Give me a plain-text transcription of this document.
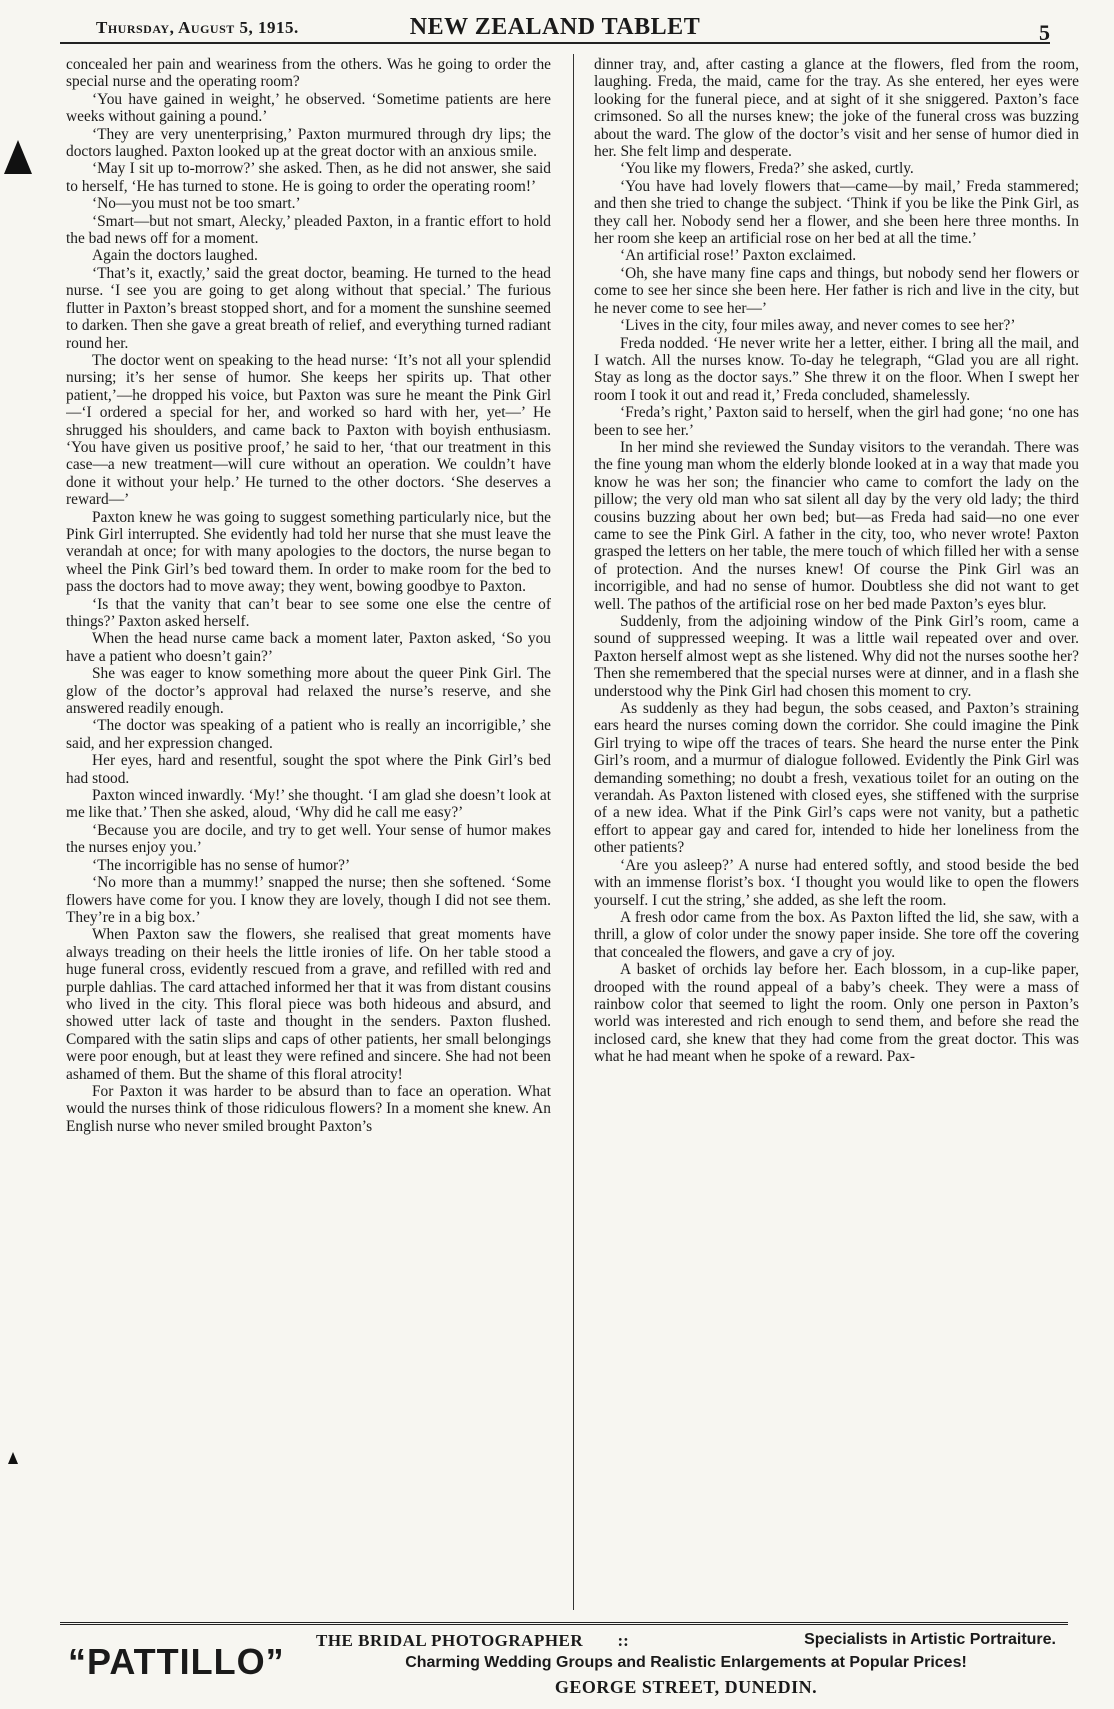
Thursday, August 5, 1915.	NEW ZEALAND TABLET	5

concealed her pain and weariness from the others. Was he going to order the special nurse and the operating room?

‘You have gained in weight,’ he observed. ‘Sometime patients are here weeks without gaining a pound.’

‘They are very unenterprising,’ Paxton murmured through dry lips; the doctors laughed. Paxton looked up at the great doctor with an anxious smile.

‘May I sit up to-morrow?’ she asked. Then, as he did not answer, she said to herself, ‘He has turned to stone. He is going to order the operating room!’

‘No—you must not be too smart.’

‘Smart—but not smart, Alecky,’ pleaded Paxton, in a frantic effort to hold the bad news off for a moment.

Again the doctors laughed.

‘That’s it, exactly,’ said the great doctor, beaming. He turned to the head nurse. ‘I see you are going to get along without that special.’ The furious flutter in Paxton’s breast stopped short, and for a moment the sunshine seemed to darken. Then she gave a great breath of relief, and everything turned radiant round her.

The doctor went on speaking to the head nurse: ‘It’s not all your splendid nursing; it’s her sense of humor. She keeps her spirits up. That other patient,’—he dropped his voice, but Paxton was sure he meant the Pink Girl—‘I ordered a special for her, and worked so hard with her, yet—’ He shrugged his shoulders, and came back to Paxton with boyish enthusiasm. ‘You have given us positive proof,’ he said to her, ‘that our treatment in this case—a new treatment—will cure without an operation. We couldn’t have done it without your help.’ He turned to the other doctors. ‘She deserves a reward—’

Paxton knew he was going to suggest something particularly nice, but the Pink Girl interrupted. She evidently had told her nurse that she must leave the verandah at once; for with many apologies to the doctors, the nurse began to wheel the Pink Girl’s bed toward them. In order to make room for the bed to pass the doctors had to move away; they went, bowing goodbye to Paxton.

‘Is that the vanity that can’t bear to see some one else the centre of things?’ Paxton asked herself.

When the head nurse came back a moment later, Paxton asked, ‘So you have a patient who doesn’t gain?’

She was eager to know something more about the queer Pink Girl. The glow of the doctor’s approval had relaxed the nurse’s reserve, and she answered readily enough.

‘The doctor was speaking of a patient who is really an incorrigible,’ she said, and her expression changed.

Her eyes, hard and resentful, sought the spot where the Pink Girl’s bed had stood.

Paxton winced inwardly. ‘My!’ she thought. ‘I am glad she doesn’t look at me like that.’ Then she asked, aloud, ‘Why did he call me easy?’

‘Because you are docile, and try to get well. Your sense of humor makes the nurses enjoy you.’

‘The incorrigible has no sense of humor?’

‘No more than a mummy!’ snapped the nurse; then she softened. ‘Some flowers have come for you. I know they are lovely, though I did not see them. They’re in a big box.’

When Paxton saw the flowers, she realised that great moments have always treading on their heels the little ironies of life. On her table stood a huge funeral cross, evidently rescued from a grave, and refilled with red and purple dahlias. The card attached informed her that it was from distant cousins who lived in the city. This floral piece was both hideous and absurd, and showed utter lack of taste and thought in the senders. Paxton flushed. Compared with the satin slips and caps of other patients, her small belongings were poor enough, but at least they were refined and sincere. She had not been ashamed of them. But the shame of this floral atrocity!

For Paxton it was harder to be absurd than to face an operation. What would the nurses think of those ridiculous flowers? In a moment she knew. An English nurse who never smiled brought Paxton’s

dinner tray, and, after casting a glance at the flowers, fled from the room, laughing. Freda, the maid, came for the tray. As she entered, her eyes were looking for the funeral piece, and at sight of it she sniggered. Paxton’s face crimsoned. So all the nurses knew; the joke of the funeral cross was buzzing about the ward. The glow of the doctor’s visit and her sense of humor died in her. She felt limp and desperate.

‘You like my flowers, Freda?’ she asked, curtly.

‘You have had lovely flowers that—came—by mail,’ Freda stammered; and then she tried to change the subject. ‘Think if you be like the Pink Girl, as they call her. Nobody send her a flower, and she been here three months. In her room she keep an artificial rose on her bed at all the time.’

‘An artificial rose!’ Paxton exclaimed.

‘Oh, she have many fine caps and things, but nobody send her flowers or come to see her since she been here. Her father is rich and live in the city, but he never come to see her—’

‘Lives in the city, four miles away, and never comes to see her?’

Freda nodded. ‘He never write her a letter, either. I bring all the mail, and I watch. All the nurses know. To-day he telegraph, “Glad you are all right. Stay as long as the doctor says.” She threw it on the floor. When I swept her room I took it out and read it,’ Freda concluded, shamelessly.

‘Freda’s right,’ Paxton said to herself, when the girl had gone; ‘no one has been to see her.’

In her mind she reviewed the Sunday visitors to the verandah. There was the fine young man whom the elderly blonde looked at in a way that made you know he was her son; the financier who came to comfort the lady on the pillow; the very old man who sat silent all day by the very old lady; the third cousins buzzing about her own bed; but—as Freda had said—no one ever came to see the Pink Girl. A father in the city, too, who never wrote! Paxton grasped the letters on her table, the mere touch of which filled her with a sense of protection. And the nurses knew! Of course the Pink Girl was an incorrigible, and had no sense of humor. Doubtless she did not want to get well. The pathos of the artificial rose on her bed made Paxton’s eyes blur.

Suddenly, from the adjoining window of the Pink Girl’s room, came a sound of suppressed weeping. It was a little wail repeated over and over. Paxton herself almost wept as she listened. Why did not the nurses soothe her? Then she remembered that the special nurses were at dinner, and in a flash she understood why the Pink Girl had chosen this moment to cry.

As suddenly as they had begun, the sobs ceased, and Paxton’s straining ears heard the nurses coming down the corridor. She could imagine the Pink Girl trying to wipe off the traces of tears. She heard the nurse enter the Pink Girl’s room, and a murmur of dialogue followed. Evidently the Pink Girl was demanding something; no doubt a fresh, vexatious toilet for an outing on the verandah. As Paxton listened with closed eyes, she stiffened with the surprise of a new idea. What if the Pink Girl’s caps were not vanity, but a pathetic effort to appear gay and cared for, intended to hide her loneliness from the other patients?

‘Are you asleep?’ A nurse had entered softly, and stood beside the bed with an immense florist’s box. ‘I thought you would like to open the flowers yourself. I cut the string,’ she added, as she left the room.

A fresh odor came from the box. As Paxton lifted the lid, she saw, with a thrill, a glow of color under the snowy paper inside. She tore off the covering that concealed the flowers, and gave a cry of joy.

A basket of orchids lay before her. Each blossom, in a cup-like paper, drooped with the round appeal of a baby’s cheek. They were a mass of rainbow color that seemed to light the room. Only one person in Paxton’s world was interested and rich enough to send them, and before she read the inclosed card, she knew that they had come from the great doctor. This was what he had meant when he spoke of a reward. Pax-

“PATTILLO”
THE BRIDAL PHOTOGRAPHER ::	Specialists in Artistic Portraiture.
Charming Wedding Groups and Realistic Enlargements at Popular Prices!
GEORGE STREET, DUNEDIN.
